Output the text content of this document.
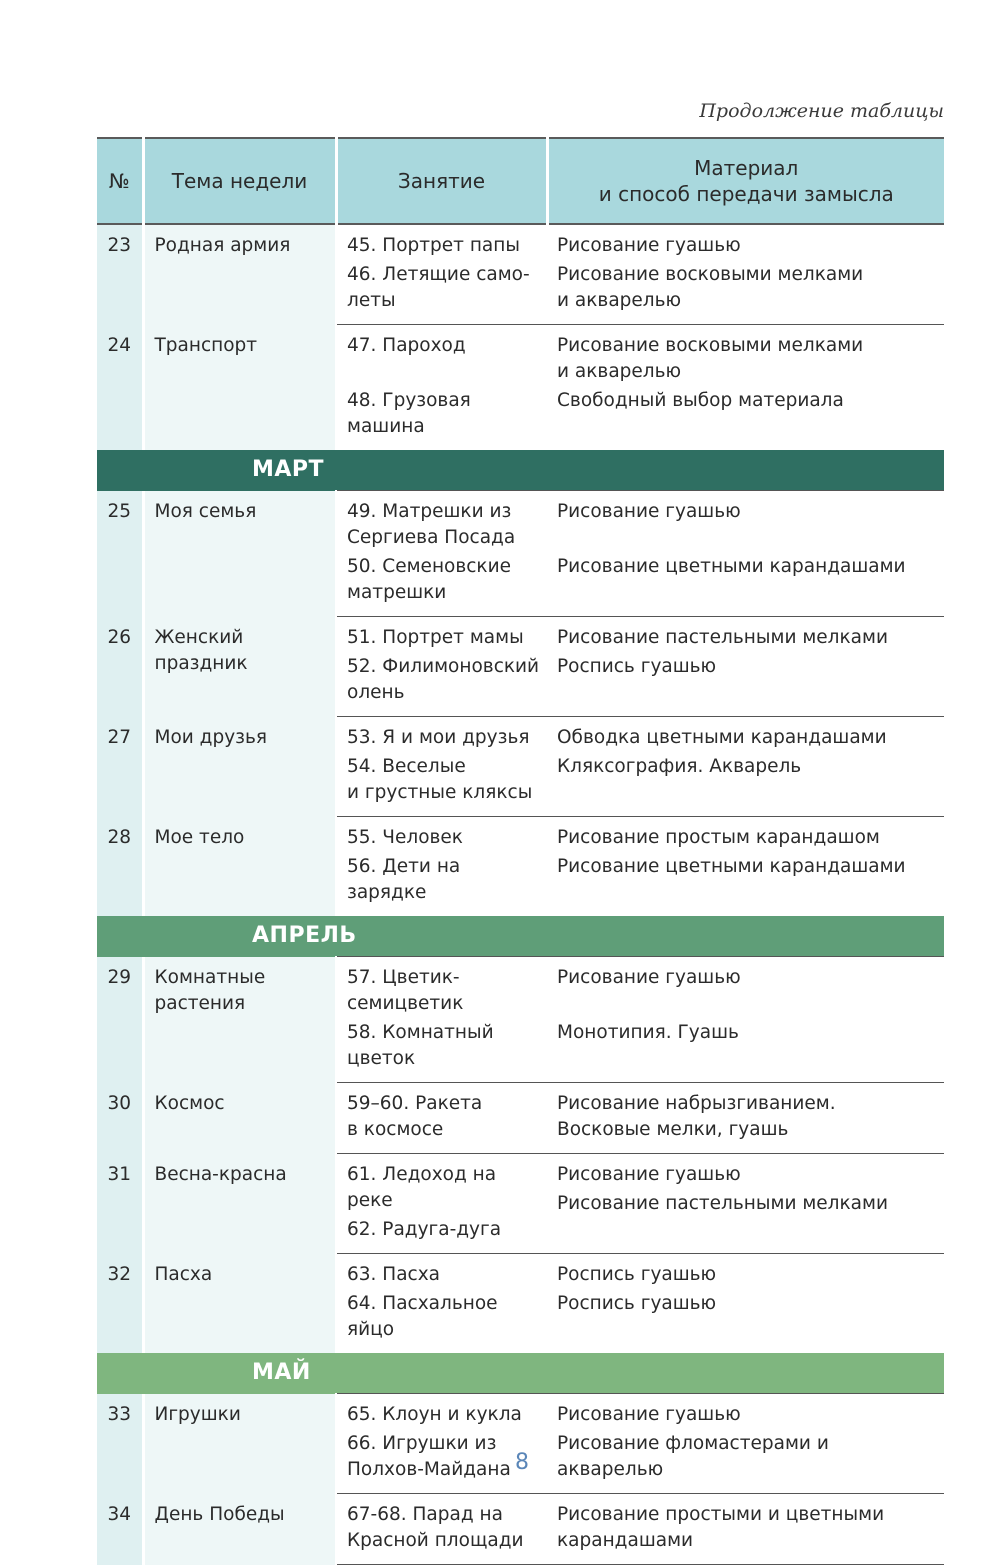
Продолжение таблицы
№	Тема недели	Занятие	Материал
и способ передачи замысла
23	Родная армия	45. Портрет папы
46. Летящие само-
леты	Рисование гуашью
Рисование восковыми мелками
и акварелью

24	Транспорт	47. Пароход
48. Грузовая
машина	Рисование восковыми мелками
и акварелью
Свободный выбор материала

МАРТ			
25	Моя семья	49. Матрешки из
Сергиева Посада
50. Семеновские
матрешки	Рисование гуашью
Рисование цветными карандашами

26	Женский
праздник	51. Портрет мамы
52. Филимоновский
олень	Рисование пастельными мелками
Роспись гуашью

27	Мои друзья	53. Я и мои друзья
54. Веселые
и грустные кляксы	Обводка цветными карандашами
Кляксография. Акварель

28	Мое тело	55. Человек
56. Дети на зарядке	Рисование простым карандашом
Рисование цветными карандашами

АПРЕЛЬ			
29	Комнатные
растения	57. Цветик-
семицветик
58. Комнатный
цветок	Рисование гуашью
Монотипия. Гуашь

30	Космос	59–60. Ракета
в космосе	Рисование набрызгиванием.
Восковые мелки, гуашь

31	Весна-красна	61. Ледоход на реке
62. Радуга-дуга	Рисование гуашью
Рисование пастельными мелками

32	Пасха	63. Пасха
64. Пасхальное яйцо	Роспись гуашью
Роспись гуашью

МАЙ			
33	Игрушки	65. Клоун и кукла
66. Игрушки из
Полхов-Майдана	Рисование гуашью
Рисование фломастерами и акварелью

34	День Победы	67-68. Парад на
Красной площади	Рисование простыми и цветными
карандашами
8
